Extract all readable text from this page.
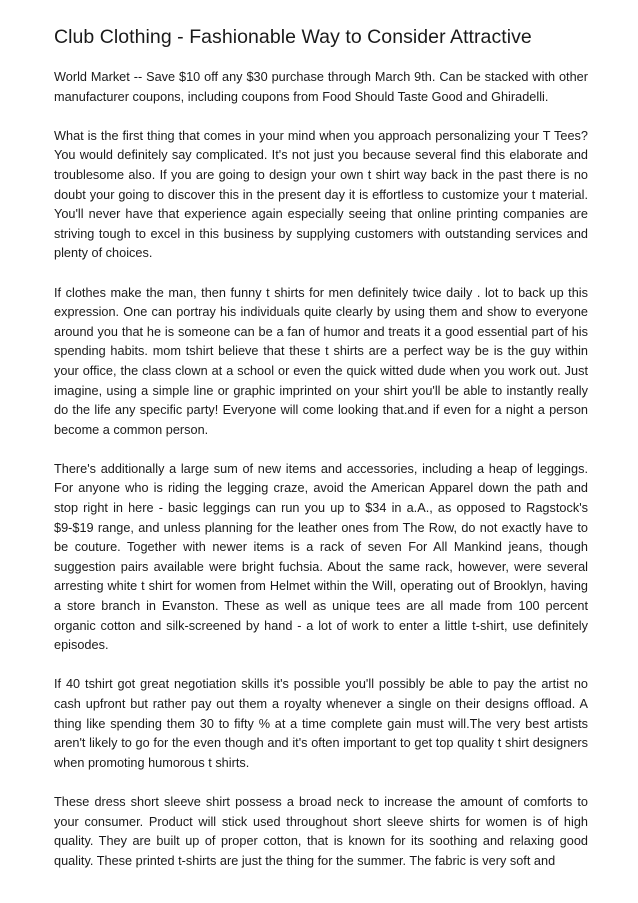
Club Clothing - Fashionable Way to Consider Attractive

World Market -- Save $10 off any $30 purchase through March 9th. Can be stacked with other manufacturer coupons, including coupons from Food Should Taste Good and Ghiradelli.

What is the first thing that comes in your mind when you approach personalizing your T Tees? You would definitely say complicated. It's not just you because several find this elaborate and troublesome also. If you are going to design your own t shirt way back in the past there is no doubt your going to discover this in the present day it is effortless to customize your t material. You'll never have that experience again especially seeing that online printing companies are striving tough to excel in this business by supplying customers with outstanding services and plenty of choices.

If clothes make the man, then funny t shirts for men definitely twice daily . lot to back up this expression. One can portray his individuals quite clearly by using them and show to everyone around you that he is someone can be a fan of humor and treats it a good essential part of his spending habits. mom tshirt believe that these t shirts are a perfect way be is the guy within your office, the class clown at a school or even the quick witted dude when you work out. Just imagine, using a simple line or graphic imprinted on your shirt you'll be able to instantly really do the life any specific party! Everyone will come looking that.and if even for a night a person become a common person.

There's additionally a large sum of new items and accessories, including a heap of leggings. For anyone who is riding the legging craze, avoid the American Apparel down the path and stop right in here - basic leggings can run you up to $34 in a.A., as opposed to Ragstock's $9-$19 range, and unless planning for the leather ones from The Row, do not exactly have to be couture. Together with newer items is a rack of seven For All Mankind jeans, though suggestion pairs available were bright fuchsia. About the same rack, however, were several arresting white t shirt for women from Helmet within the Will, operating out of Brooklyn, having a store branch in Evanston. These as well as unique tees are all made from 100 percent organic cotton and silk-screened by hand - a lot of work to enter a little t-shirt, use definitely episodes.

If 40 tshirt got great negotiation skills it's possible you'll possibly be able to pay the artist no cash upfront but rather pay out them a royalty whenever a single on their designs offload. A thing like spending them 30 to fifty % at a time complete gain must will.The very best artists aren't likely to go for the even though and it's often important to get top quality t shirt designers when promoting humorous t shirts.

These dress short sleeve shirt possess a broad neck to increase the amount of comforts to your consumer. Product will stick used throughout short sleeve shirts for women is of high quality. They are built up of proper cotton, that is known for its soothing and relaxing good quality. These printed t-shirts are just the thing for the summer. The fabric is very soft and
